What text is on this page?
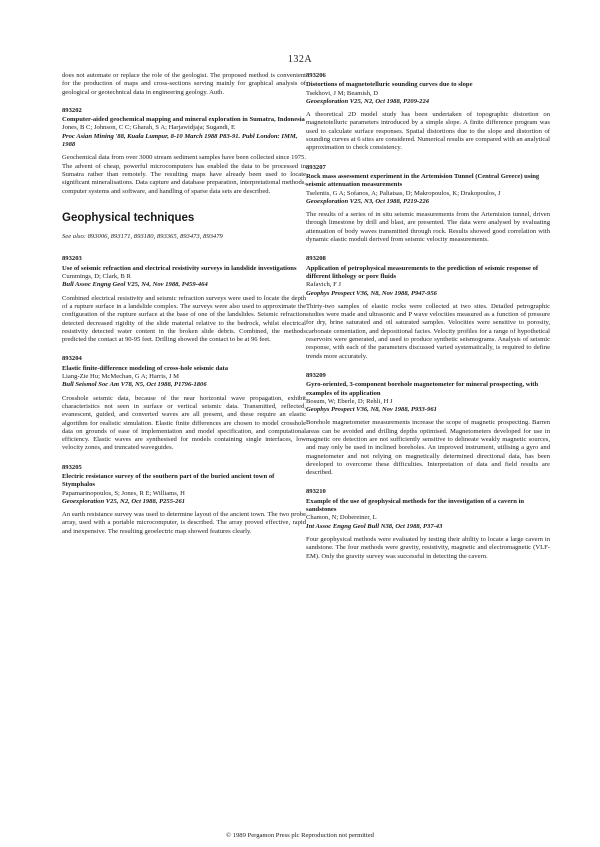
132A
does not automate or replace the role of the geologist. The proposed method is convenient for the production of maps and cross-sections serving mainly for graphical analysis of geological or geotechnical data in engineering geology. Auth.
893202
Computer-aided geochemical mapping and mineral exploration in Sumatra, Indonesia
Jones, B C; Johnson, C C; Gharah, S A; Harjawidjaja; Sugandi, E
Proc Asian Mining '88, Kuala Lumpur, 8-10 March 1988 P83-91. Publ London: IMM, 1988
Geochemical data from over 3000 stream sediment samples have been collected since 1975. The advent of cheap, powerful microcomputers has enabled the data to be processed in Sumatra rather than remotely. The resulting maps have already been used to locate significant mineralisations. Data capture and database preparation, interpretational methods, computer systems and software, and handling of sparse data sets are described.
Geophysical techniques
See also: 893006, 893171, 893180, 893365, 893473, 893479
893203
Use of seismic refraction and electrical resistivity surveys in landslide investigations
Cummings, D; Clark, B R
Bull Assoc Engng Geol V25, N4, Nov 1988, P459-464
Combined electrical resistivity and seismic refraction surveys were used to locate the depth of a rupture surface in a landslide complex. The surveys were also used to approximate the configuration of the rupture surface at the base of one of the landslides. Seismic refraction detected decreased rigidity of the slide material relative to the bedrock, whilst electrical resistivity detected water content in the broken slide debris. Combined, the methods predicted the contact at 90-95 feet. Drilling showed the contact to be at 96 feet.
893204
Elastic finite-difference modeling of cross-hole seismic data
Liang-Zie Hu; McMechan, G A; Harris, J M
Bull Seismol Soc Am V78, N5, Oct 1988, P1796-1806
Crosshole seismic data, because of the near horizontal wave propagation, exhibit characteristics not seen in surface or vertical seismic data. Transmitted, reflected, evanescent, guided, and converted waves are all present, and these require an elastic algorithm for realistic simulation. Elastic finite differences are chosen to model crosshole data on grounds of ease of implementation and model specification, and computational efficiency. Elastic waves are synthesised for models containing single interfaces, low velocity zones, and truncated waveguides.
893205
Electric resistance survey of the southern part of the buried ancient town of Stymphalos
Papamarinopoulos, S; Jones, R E; Williams, H
Geoexploration V25, N2, Oct 1988, P255-261
An earth resistance survey was used to determine layout of the ancient town. The two probe array, used with a portable microcomputer, is described. The array proved effective, rapid and inexpensive. The resulting geoelectric map showed features clearly.
893206
Distortions of magnetotelluric sounding curves due to slope
Tsekhovi, J M; Beamish, D
Geoexploration V25, N2, Oct 1988, P209-224
A theoretical 2D model study has been undertaken of topographic distortion on magnetotelluric parameters introduced by a simple slope. A finite difference program was used to calculate surface responses. Spatial distortions due to the slope and distortion of sounding curves at 6 sites are considered. Numerical results are compared with an analytical approximation to check consistency.
893207
Rock mass assessment experiment in the Artemision Tunnel (Central Greece) using seismic attenuation measurements
Tselentis, G A; Sofanos, A; Paliatsas, D; Makropoulos, K; Drakopoulos, J
Geoexploration V25, N3, Oct 1988, P219-226
The results of a series of in situ seismic measurements from the Artemision tunnel, driven through limestone by drill and blast, are presented. The data were analysed by evaluating attenuation of body waves transmitted through rock. Results showed good correlation with dynamic elastic moduli derived from seismic velocity measurements.
893208
Application of petrophysical measurements to the prediction of seismic response of different lithology or pore fluids
Rafavich, F J
Geophys Prospect V36, N8, Nov 1988, P947-956
Thirty-two samples of elastic rocks were collected at two sites. Detailed petrographic studies were made and ultrasonic and P wave velocities measured as a function of pressure for dry, brine saturated and oil saturated samples. Velocities were sensitive to porosity, carbonate cementation, and depositional facies. Velocity profiles for a range of hypothetical reservoirs were generated, and used to produce synthetic seismograms. Analysis of seismic response, with each of the parameters discussed varied systematically, is required to define trends more accurately.
893209
Gyro-oriented, 3-component borehole magnetometer for mineral prospecting, with examples of its application
Bosum, W; Eberle, D; Rehli, H J
Geophys Prospect V36, N8, Nov 1988, P933-961
Borehole magnetometer measurements increase the scope of magnetic prospecting. Barren areas can be avoided and drilling depths optimised. Magnetometers developed for use in magnetic ore detection are not sufficiently sensitive to delineate weakly magnetic sources, and may only be used in inclined boreholes. An improved instrument, utilising a gyro and magnetometer and not relying on magnetically determined directional data, has been developed to overcome these difficulties. Interpretation of data and field results are described.
893210
Example of the use of geophysical methods for the investigation of a cavern in sandstones
Chamon, N; Dobereiner, L
Int Assoc Engng Geol Bull N38, Oct 1988, P37-43
Four geophysical methods were evaluated by testing their ability to locate a large cavern in sandstone. The four methods were gravity, resistivity, magnetic and electromagnetic (VLF-EM). Only the gravity survey was successful in detecting the cavern.
© 1989 Pergamon Press plc Reproduction not permitted
